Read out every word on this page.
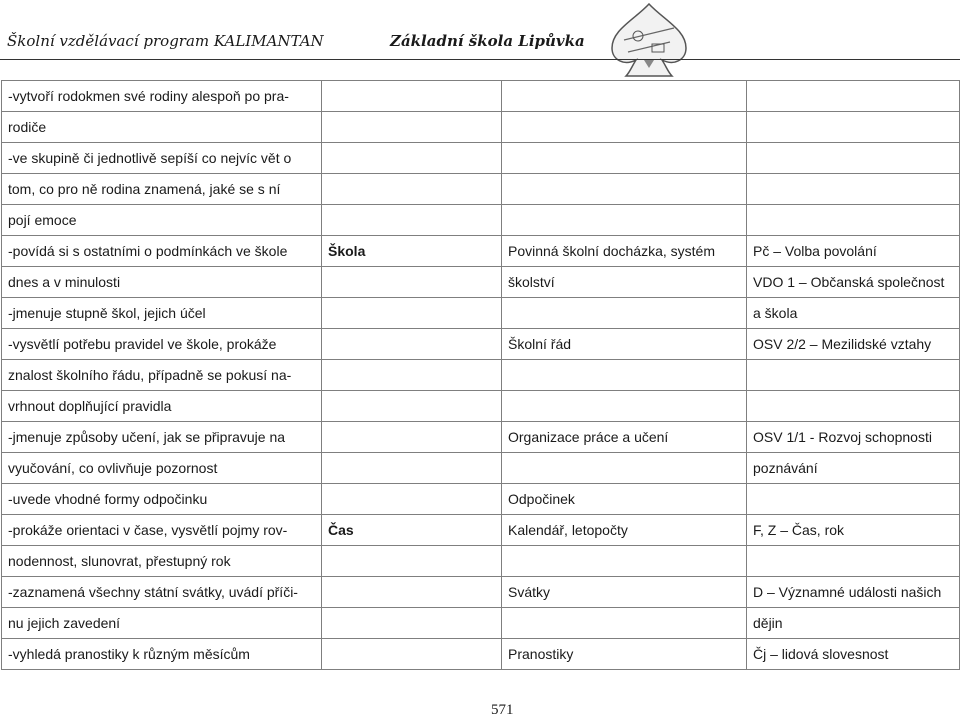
Školní vzdělávací program KALIMANTAN	Základní škola Lipůvka
-vytvoří rodokmen své rodiny alespoň po pra-			
rodiče			
-ve skupině či jednotlivě sepíší co nejvíc vět o			
tom, co pro ně rodina znamená, jaké se s ní			
pojí emoce			
-povídá si s ostatními o podmínkách ve škole	Škola	Povinná školní docházka, systém	Pč – Volba povolání
dnes a v minulosti		školství	VDO 1 – Občanská společnost
-jmenuje stupně škol, jejich účel			a škola
-vysvětlí potřebu pravidel ve škole, prokáže		Školní řád	OSV 2/2 – Mezilidské vztahy
znalost školního řádu, případně se pokusí na-			
vrhnout doplňující pravidla			
-jmenuje způsoby učení, jak se připravuje na		Organizace práce a učení	OSV 1/1 - Rozvoj schopnosti
vyučování, co ovlivňuje pozornost			poznávání
-uvede vhodné formy odpočinku		Odpočinek	
-prokáže orientaci v čase, vysvětlí pojmy rov-	Čas	Kalendář, letopočty	F, Z – Čas, rok
nodennost, slunovrat, přestupný rok			
-zaznamená všechny státní svátky, uvádí příči-		Svátky	D – Významné události našich
nu jejich zavedení			dějin
-vyhledá pranostiky k různým měsícům		Pranostiky	Čj – lidová slovesnost
571
